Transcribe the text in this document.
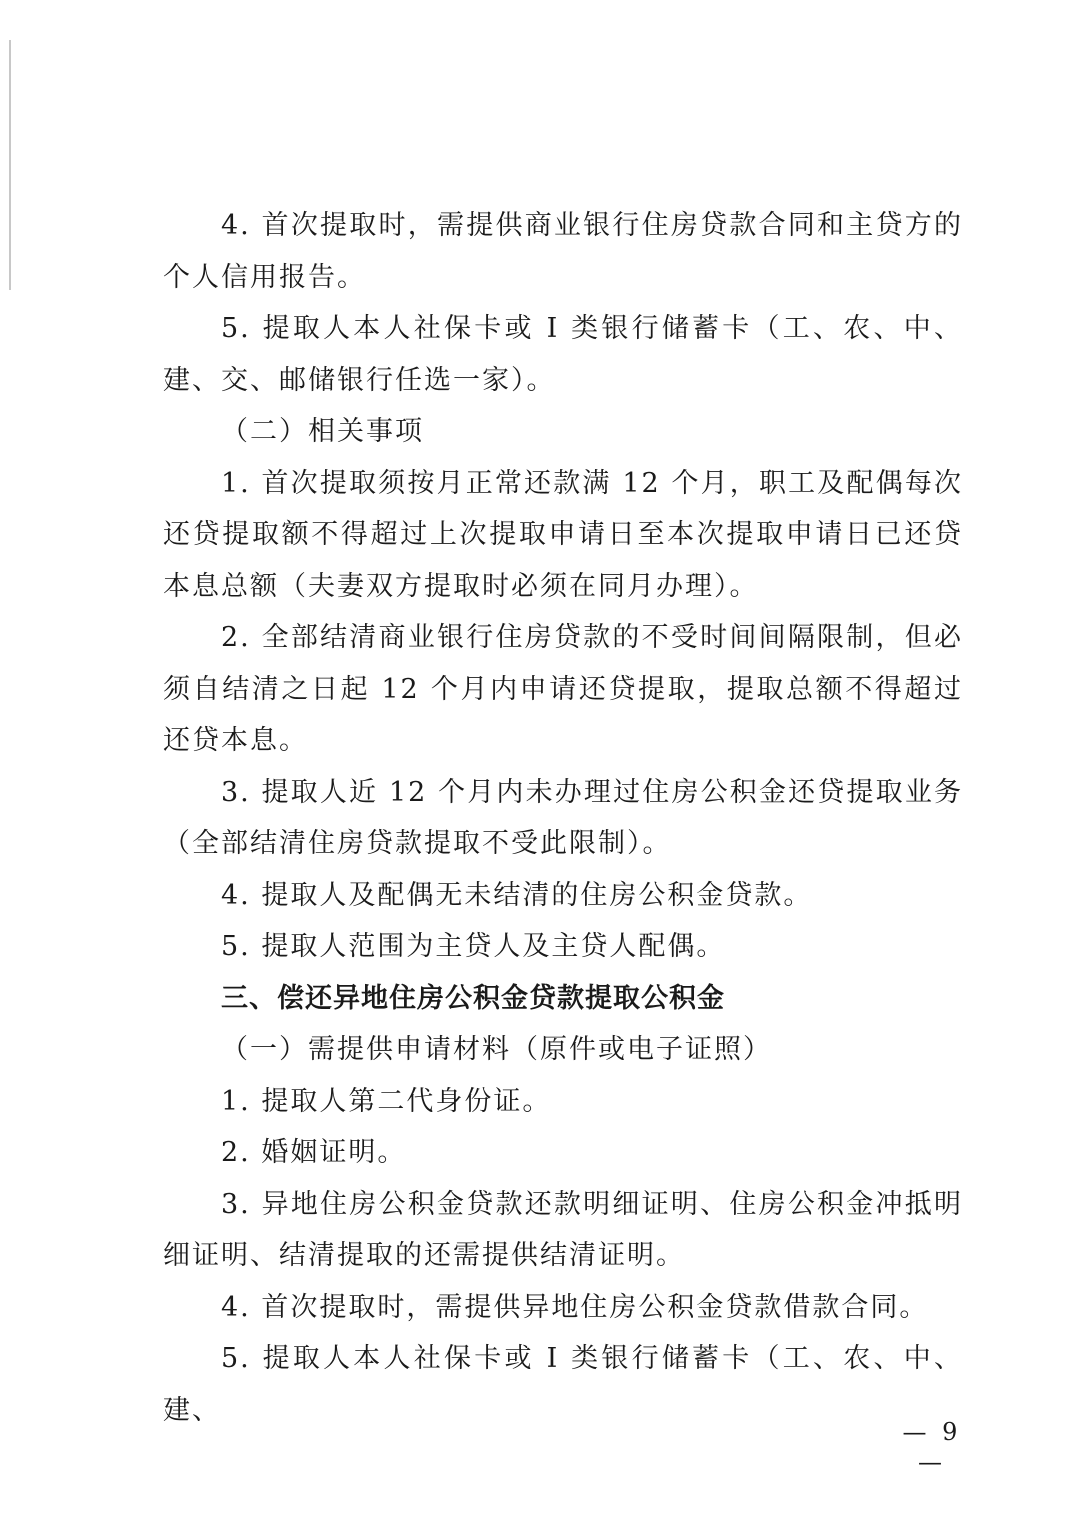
4. 首次提取时，需提供商业银行住房贷款合同和主贷方的个人信用报告。

5. 提取人本人社保卡或 I 类银行储蓄卡（工、农、中、建、交、邮储银行任选一家）。

（二）相关事项

1. 首次提取须按月正常还款满 12 个月，职工及配偶每次还贷提取额不得超过上次提取申请日至本次提取申请日已还贷本息总额（夫妻双方提取时必须在同月办理）。

2. 全部结清商业银行住房贷款的不受时间间隔限制，但必须自结清之日起 12 个月内申请还贷提取，提取总额不得超过还贷本息。

3. 提取人近 12 个月内未办理过住房公积金还贷提取业务（全部结清住房贷款提取不受此限制）。

4. 提取人及配偶无未结清的住房公积金贷款。

5. 提取人范围为主贷人及主贷人配偶。

三、偿还异地住房公积金贷款提取公积金

（一）需提供申请材料（原件或电子证照）

1. 提取人第二代身份证。

2. 婚姻证明。

3. 异地住房公积金贷款还款明细证明、住房公积金冲抵明细证明、结清提取的还需提供结清证明。

4. 首次提取时，需提供异地住房公积金贷款借款合同。

5. 提取人本人社保卡或 I 类银行储蓄卡（工、农、中、建、

— 9 —
